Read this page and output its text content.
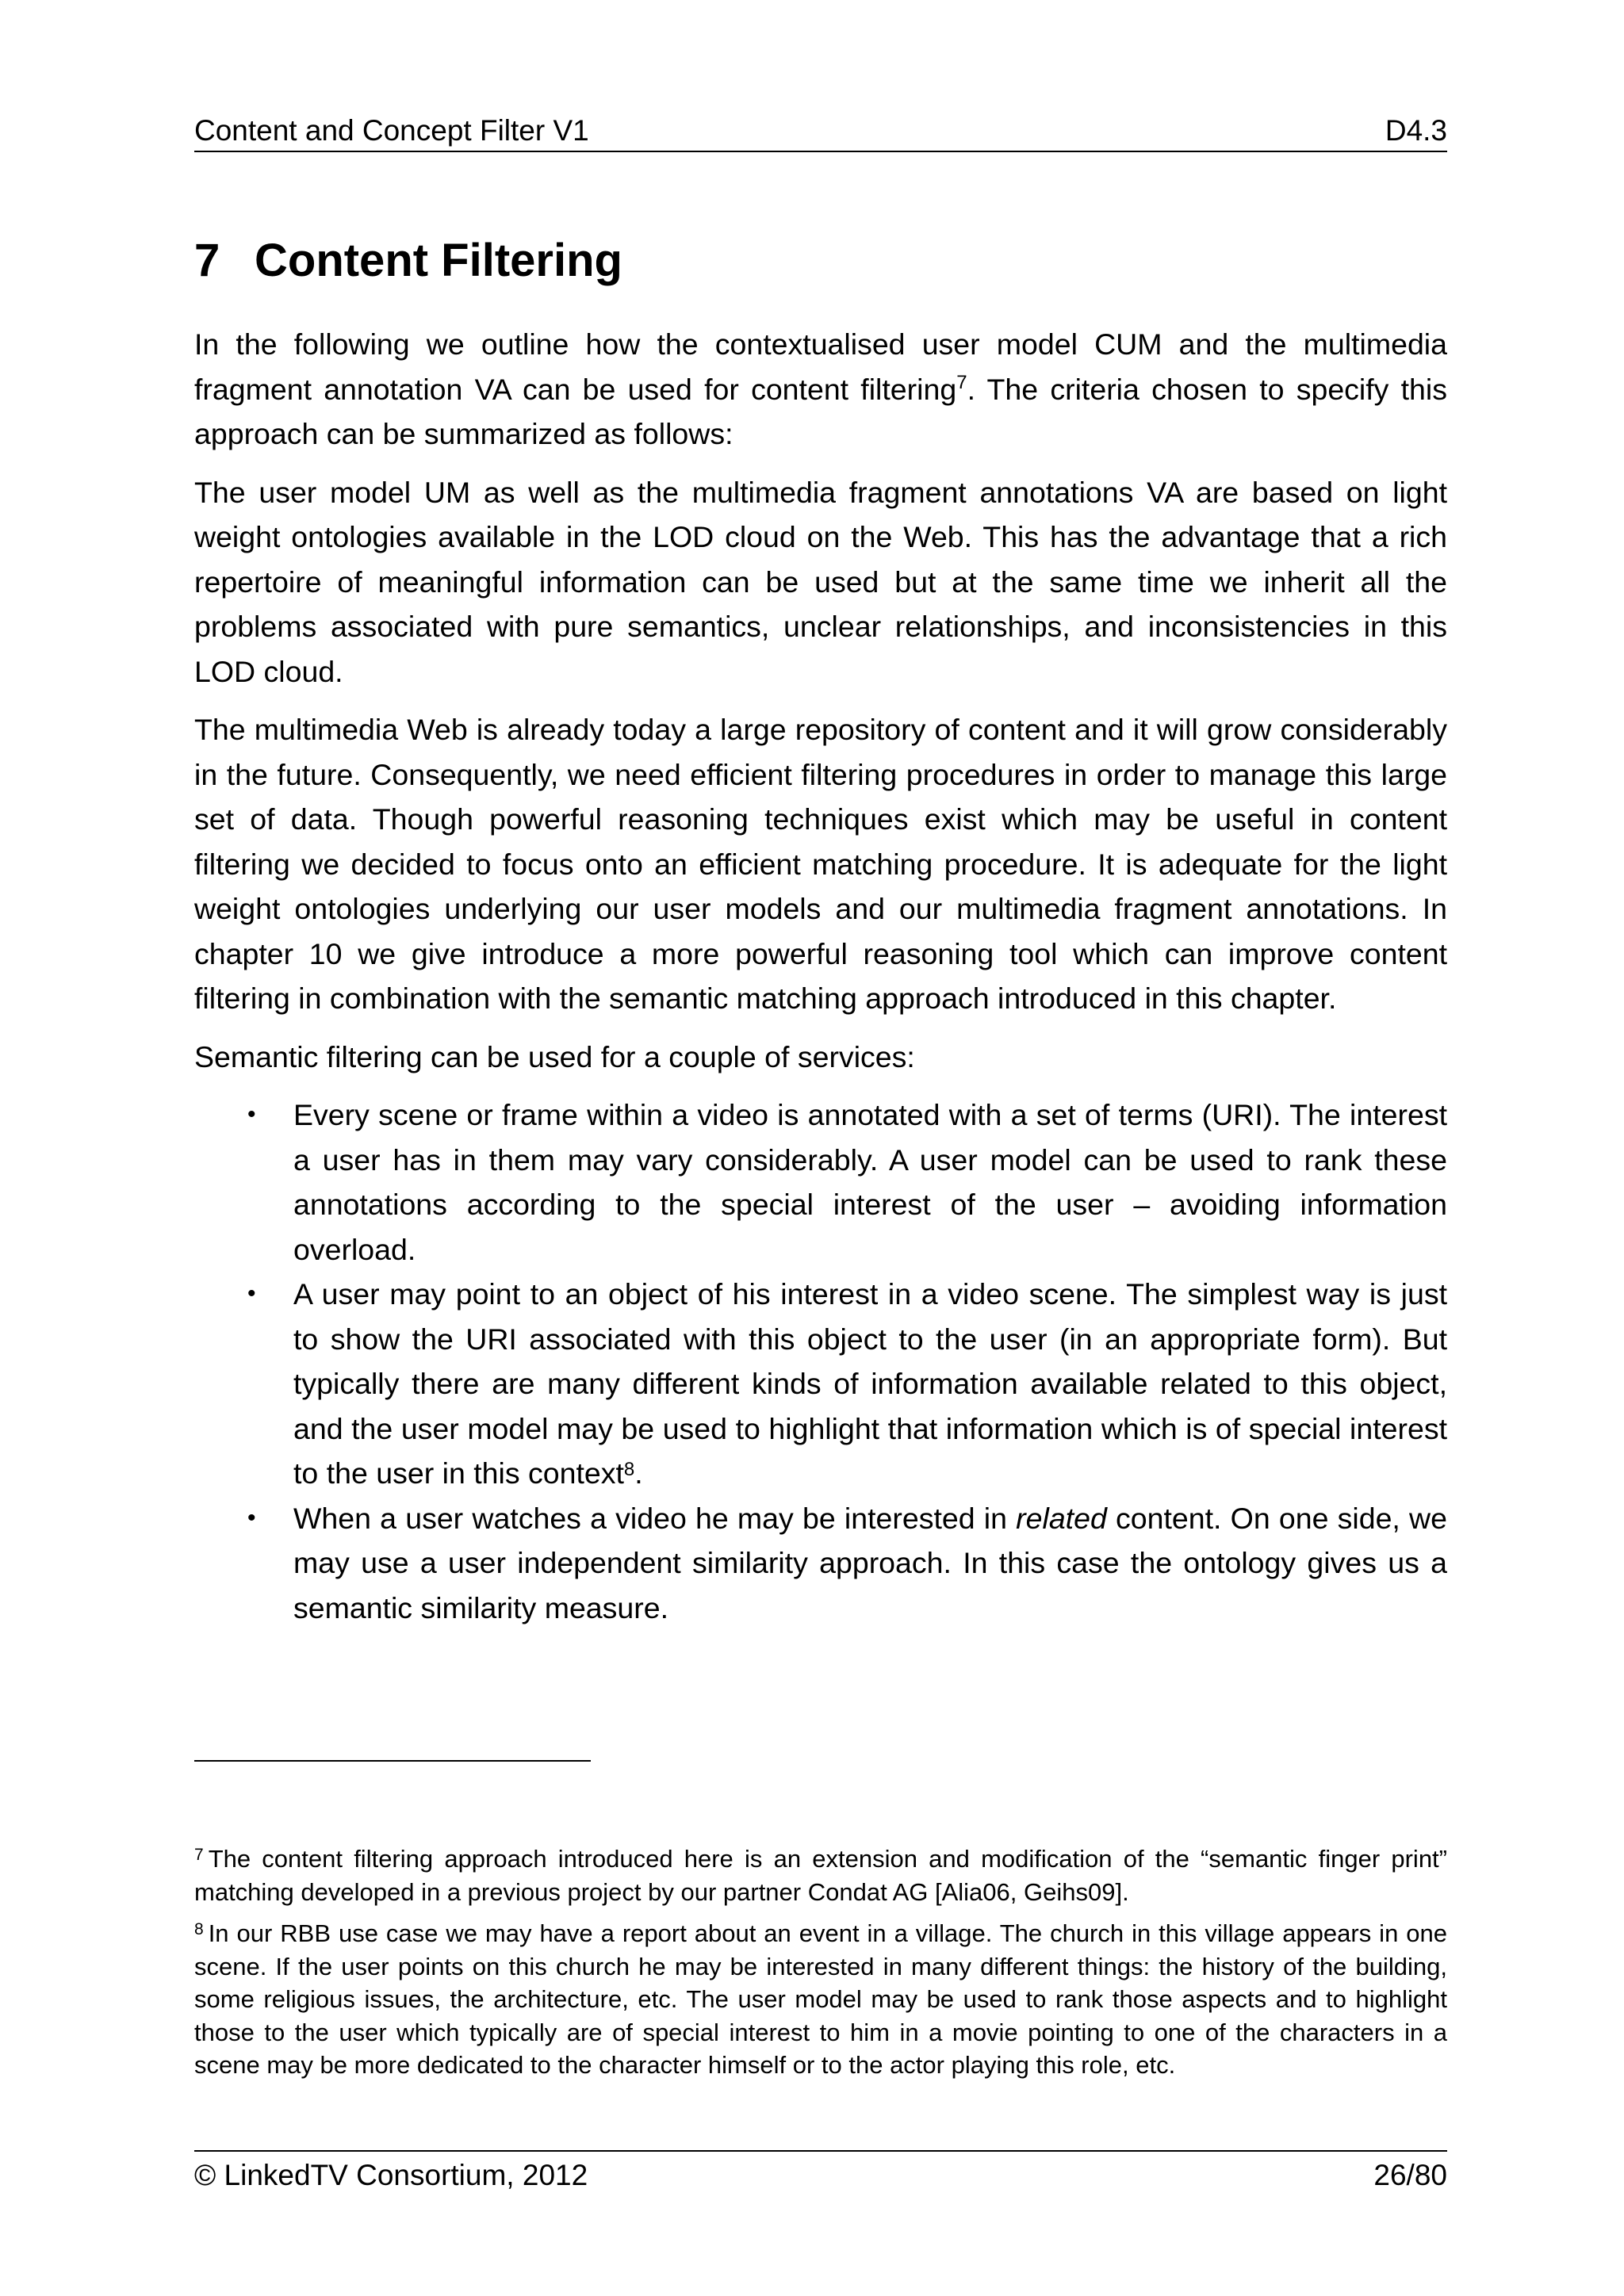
Content and Concept Filter V1	D4.3
7 Content Filtering

In the following we outline how the contextualised user model CUM and the multimedia fragment annotation VA can be used for content filtering$^7$. The criteria chosen to specify this approach can be summarized as follows:

The user model UM as well as the multimedia fragment annotations VA are based on light weight ontologies available in the LOD cloud on the Web. This has the advantage that a rich repertoire of meaningful information can be used but at the same time we inherit all the problems associated with pure semantics, unclear relationships, and inconsistencies in this LOD cloud.

The multimedia Web is already today a large repository of content and it will grow considerably in the future. Consequently, we need efficient filtering procedures in order to manage this large set of data. Though powerful reasoning techniques exist which may be useful in content filtering we decided to focus onto an efficient matching procedure. It is adequate for the light weight ontologies underlying our user models and our multimedia fragment annotations. In chapter 10 we give introduce a more powerful reasoning tool which can improve content filtering in combination with the semantic matching approach introduced in this chapter.

Semantic filtering can be used for a couple of services:

• Every scene or frame within a video is annotated with a set of terms (URI). The interest a user has in them may vary considerably. A user model can be used to rank these annotations according to the special interest of the user – avoiding information overload.
• A user may point to an object of his interest in a video scene. The simplest way is just to show the URI associated with this object to the user (in an appropriate form). But typically there are many different kinds of information available related to this object, and the user model may be used to highlight that information which is of special interest to the user in this context$^8$.
• When a user watches a video he may be interested in related content. On one side, we may use a user independent similarity approach. In this case the ontology gives us a semantic similarity measure.

$^7$ The content filtering approach introduced here is an extension and modification of the “semantic finger print” matching developed in a previous project by our partner Condat AG [Alia06, Geihs09].

$^8$ In our RBB use case we may have a report about an event in a village. The church in this village appears in one scene. If the user points on this church he may be interested in many different things: the history of the building, some religious issues, the architecture, etc. The user model may be used to rank those aspects and to highlight those to the user which typically are of special interest to him in a movie pointing to one of the characters in a scene may be more dedicated to the character himself or to the actor playing this role, etc.

© LinkedTV Consortium, 2012	26/80
